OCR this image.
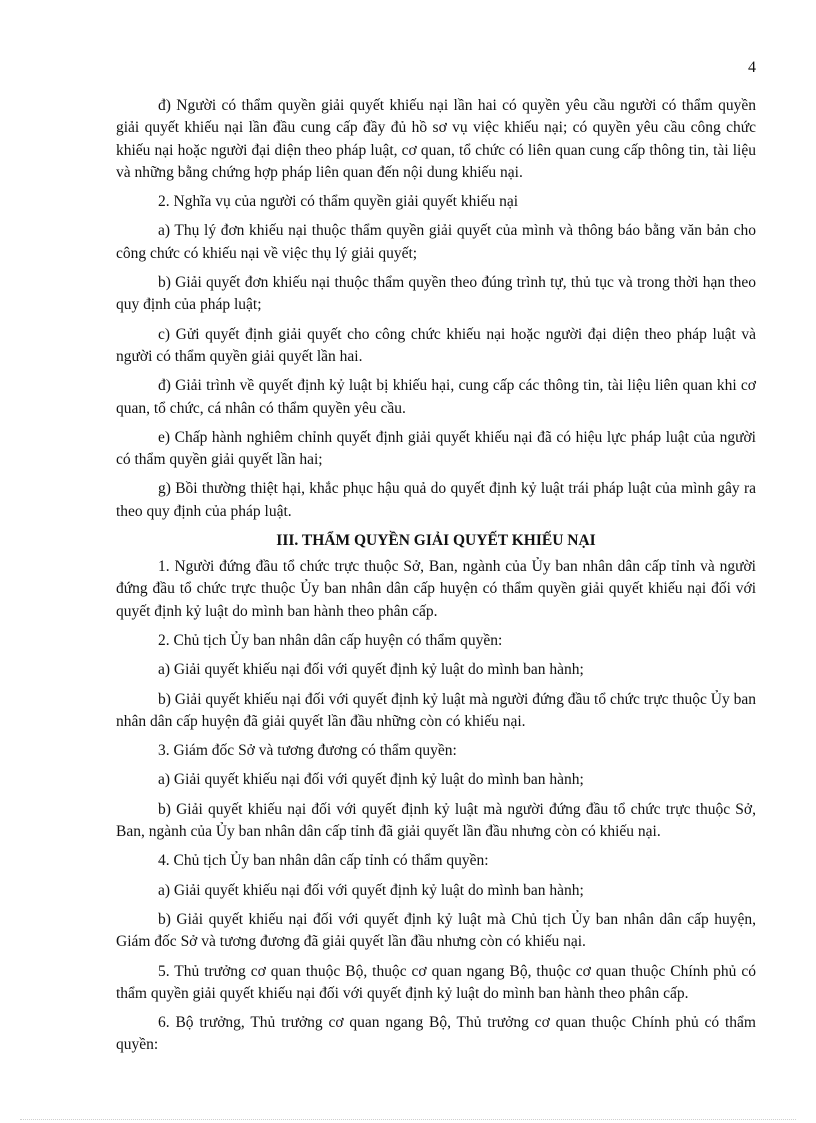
4

đ) Người có thẩm quyền giải quyết khiếu nại lần hai có quyền yêu cầu người có thẩm quyền giải quyết khiếu nại lần đầu cung cấp đầy đủ hồ sơ vụ việc khiếu nại; có quyền yêu cầu công chức khiếu nại hoặc người đại diện theo pháp luật, cơ quan, tổ chức có liên quan cung cấp thông tin, tài liệu và những bằng chứng hợp pháp liên quan đến nội dung khiếu nại.

2. Nghĩa vụ của người có thẩm quyền giải quyết khiếu nại

a) Thụ lý đơn khiếu nại thuộc thẩm quyền giải quyết của mình và thông báo bằng văn bản cho công chức có khiếu nại về việc thụ lý giải quyết;

b) Giải quyết đơn khiếu nại thuộc thẩm quyền theo đúng trình tự, thủ tục và trong thời hạn theo quy định của pháp luật;

c) Gửi quyết định giải quyết cho công chức khiếu nại hoặc người đại diện theo pháp luật và người có thẩm quyền giải quyết lần hai.

đ) Giải trình về quyết định kỷ luật bị khiếu hại, cung cấp các thông tin, tài liệu liên quan khi cơ quan, tổ chức, cá nhân có thẩm quyền yêu cầu.

e) Chấp hành nghiêm chỉnh quyết định giải quyết khiếu nại đã có hiệu lực pháp luật của người có thẩm quyền giải quyết lần hai;

g) Bồi thường thiệt hại, khắc phục hậu quả do quyết định kỷ luật trái pháp luật của mình gây ra theo quy định của pháp luật.

III. THẨM QUYỀN GIẢI QUYẾT KHIẾU NẠI

1. Người đứng đầu tổ chức trực thuộc Sở, Ban, ngành của Ủy ban nhân dân cấp tỉnh và người đứng đầu tổ chức trực thuộc Ủy ban nhân dân cấp huyện có thẩm quyền giải quyết khiếu nại đối với quyết định kỷ luật do mình ban hành theo phân cấp.

2. Chủ tịch Ủy ban nhân dân cấp huyện có thẩm quyền:

a) Giải quyết khiếu nại đối với quyết định kỷ luật do mình ban hành;

b) Giải quyết khiếu nại đối với quyết định kỷ luật mà người đứng đầu tổ chức trực thuộc Ủy ban nhân dân cấp huyện đã giải quyết lần đầu những còn có khiếu nại.

3. Giám đốc Sở và tương đương có thẩm quyền:

a) Giải quyết khiếu nại đối với quyết định kỷ luật do mình ban hành;

b) Giải quyết khiếu nại đối với quyết định kỷ luật mà người đứng đầu tổ chức trực thuộc Sở, Ban, ngành của Ủy ban nhân dân cấp tỉnh đã giải quyết lần đầu nhưng còn có khiếu nại.

4. Chủ tịch Ủy ban nhân dân cấp tỉnh có thẩm quyền:

a) Giải quyết khiếu nại đối với quyết định kỷ luật do mình ban hành;

b) Giải quyết khiếu nại đối với quyết định kỷ luật mà Chủ tịch Ủy ban nhân dân cấp huyện, Giám đốc Sở và tương đương đã giải quyết lần đầu nhưng còn có khiếu nại.

5. Thủ trưởng cơ quan thuộc Bộ, thuộc cơ quan ngang Bộ, thuộc cơ quan thuộc Chính phủ có thẩm quyền giải quyết khiếu nại đối với quyết định kỷ luật do mình ban hành theo phân cấp.

6. Bộ trưởng, Thủ trưởng cơ quan ngang Bộ, Thủ trưởng cơ quan thuộc Chính phủ có thẩm quyền:
